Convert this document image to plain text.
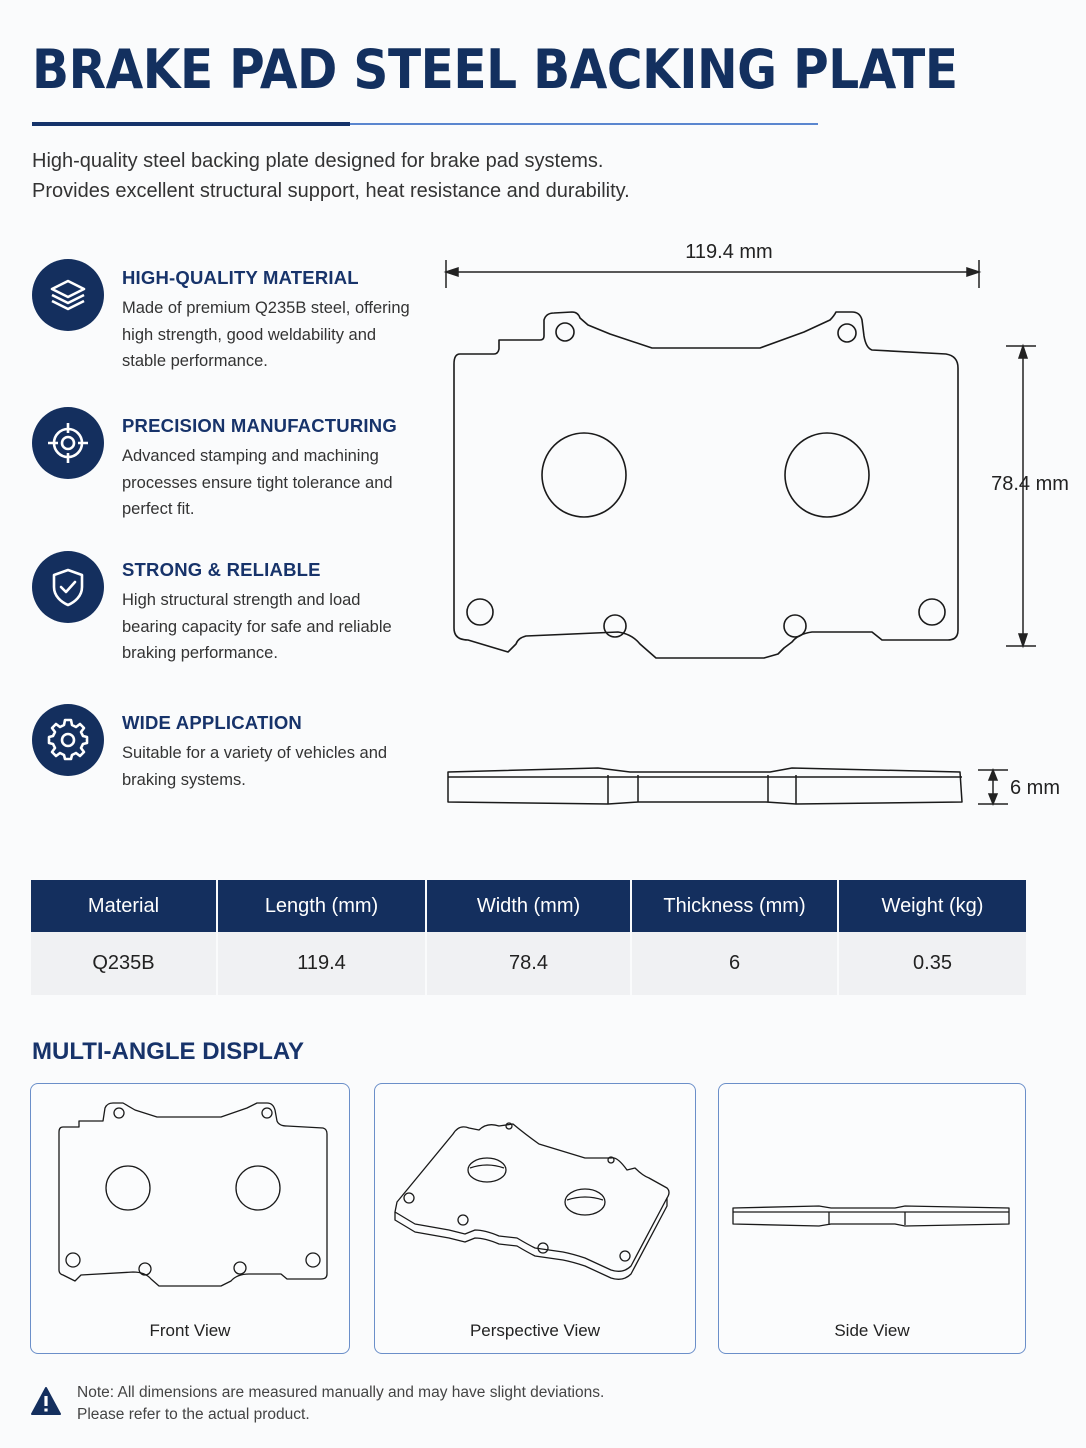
BRAKE PAD STEEL BACKING PLATE
High-quality steel backing plate designed for brake pad systems.
Provides excellent structural support, heat resistance and durability.
HIGH-QUALITY MATERIAL
Made of premium Q235B steel, offering high strength, good weldability and stable performance.
PRECISION MANUFACTURING
Advanced stamping and machining processes ensure tight tolerance and perfect fit.
STRONG & RELIABLE
High structural strength and load bearing capacity for safe and reliable braking performance.
WIDE APPLICATION
Suitable for a variety of vehicles and braking systems.
119.4 mm
78.4 mm
6 mm
Material	Length (mm)	Width (mm)	Thickness (mm)	Weight (kg)
Q235B	119.4	78.4	6	0.35
MULTI-ANGLE DISPLAY
Front View	Perspective View	Side View
Note: All dimensions are measured manually and may have slight deviations.
Please refer to the actual product.
